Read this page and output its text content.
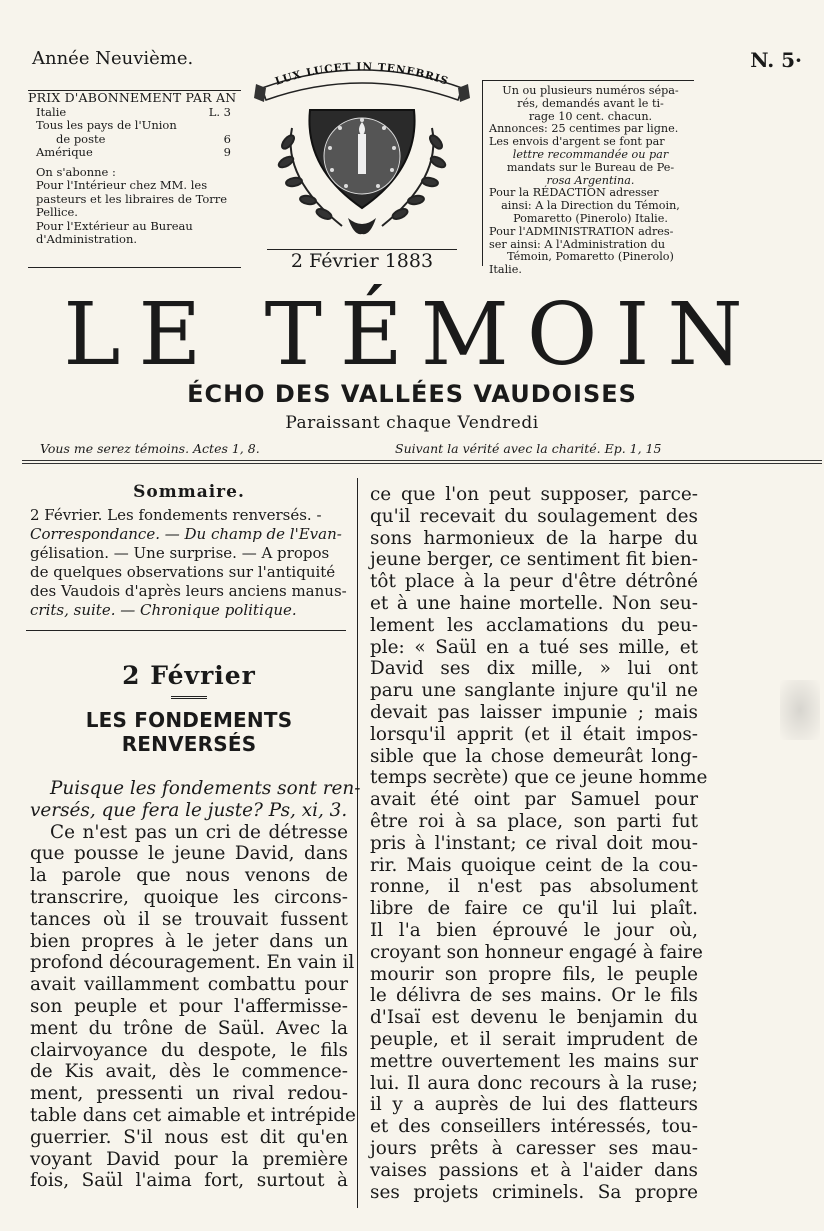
Année Neuvième.	N. 5·
PRIX D'ABONNEMENT PAR AN
Italie	L. 3
Tous les pays de l'Union
de poste	6
Amérique	9
On s'abonne :
Pour l'Intérieur chez MM. les pasteurs et les libraires de Torre Pellice.
Pour l'Extérieur au Bureau d'Administration.
LUX LUCET IN TENEBRIS
2 Février 1883

Un ou plusieurs numéros sépa-

rés, demandés avant le ti-

rage 10 cent. chacun.

Annonces: 25 centimes par ligne.

Les envois d'argent se font par

lettre recommandée ou par

mandats sur le Bureau de Pe-

rosa Argentina.

Pour la RÉDACTION adresser

ainsi: A la Direction du Témoin,

Pomaretto (Pinerolo) Italie.

Pour l'ADMINISTRATION adres-

ser ainsi: A l'Administration du

Témoin, Pomaretto (Pinerolo)

Italie.

LE TÉMOIN
ÉCHO DES VALLÉES VAUDOISES
Paraissant chaque Vendredi
Vous me serez témoins. Actes 1, 8.	Suivant la vérité avec la charité. Ep. 1, 15
Sommaire.
2 Février. Les fondements renversés. -
Correspondance. — Du champ de l'Evan-
gélisation. — Une surprise. — A propos
de quelques observations sur l'antiquité
des Vaudois d'après leurs anciens manus-
crits, suite. — Chronique politique.
2 Février
LES FONDEMENTS RENVERSÉS
Puisque les fondements sont ren-
versés, que fera le juste? Ps, xi, 3.
Ce n'est pas un cri de détresse
que pousse le jeune David, dans
la parole que nous venons de
transcrire, quoique les circons-
tances où il se trouvait fussent
bien propres à le jeter dans un
profond découragement. En vain il
avait vaillamment combattu pour
son peuple et pour l'affermisse-
ment du trône de Saül. Avec la
clairvoyance du despote, le fils
de Kis avait, dès le commence-
ment, pressenti un rival redou-
table dans cet aimable et intrépide
guerrier. S'il nous est dit qu'en
voyant David pour la première
fois, Saül l'aima fort, surtout à
ce que l'on peut supposer, parce-
qu'il recevait du soulagement des
sons harmonieux de la harpe du
jeune berger, ce sentiment fit bien-
tôt place à la peur d'être détrôné
et à une haine mortelle. Non seu-
lement les acclamations du peu-
ple: « Saül en a tué ses mille, et
David ses dix mille, » lui ont
paru une sanglante injure qu'il ne
devait pas laisser impunie ; mais
lorsqu'il apprit (et il était impos-
sible que la chose demeurât long-
temps secrète) que ce jeune homme
avait été oint par Samuel pour
être roi à sa place, son parti fut
pris à l'instant; ce rival doit mou-
rir. Mais quoique ceint de la cou-
ronne, il n'est pas absolument
libre de faire ce qu'il lui plaît.
Il l'a bien éprouvé le jour où,
croyant son honneur engagé à faire
mourir son propre fils, le peuple
le délivra de ses mains. Or le fils
d'Isaï est devenu le benjamin du
peuple, et il serait imprudent de
mettre ouvertement les mains sur
lui. Il aura donc recours à la ruse;
il y a auprès de lui des flatteurs
et des conseillers intéressés, tou-
jours prêts à caresser ses mau-
vaises passions et à l'aider dans
ses projets criminels. Sa propre
